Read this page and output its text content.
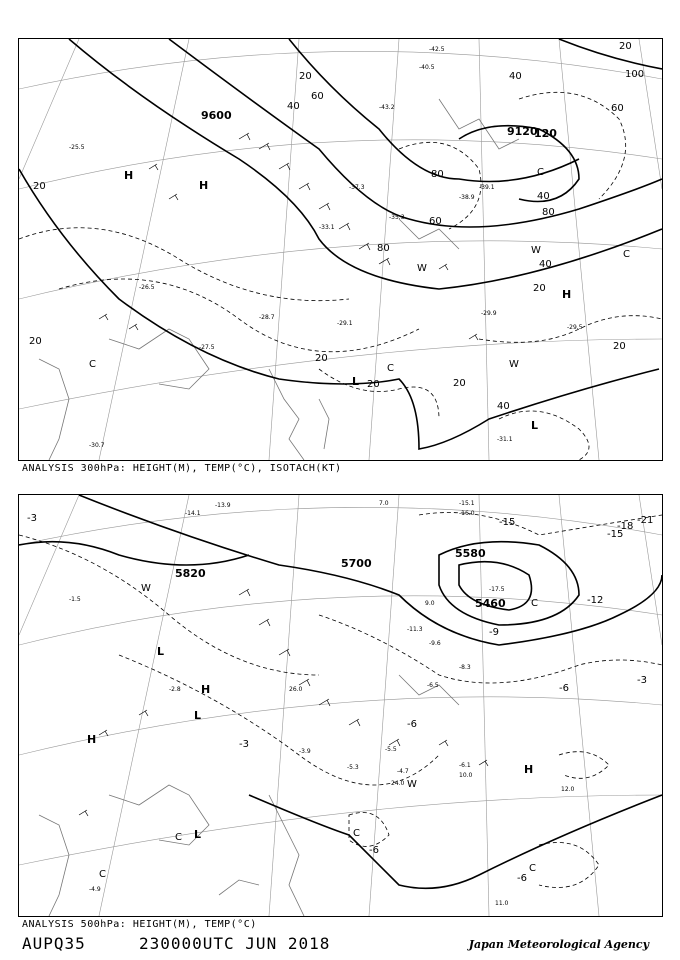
9600
9120
20
20
20
20	20
20
20
20
20
40
40
40
40
40
60
60
60
80
80
80
100
120
-25.5
-26.5
-27.5
-28.7
-29.1
-29.9
-29.5
-30.7
-31.1
-33.1
-35.3
-37.3
-38.9
-39.1
-40.5
-42.5
-43.2
H
H
H
L
L
C	C
C
C
W
W
W
ANALYSIS 300hPa: HEIGHT(M), TEMP(°C), ISOTACH(KT)
5820
5700
5580
5460
-3
-3
-3
-6
-6
-6
-6
-9
-12
-15
-15	-18
-21
-14.1
-13.9	-15.1
-16.0
-17.5
-11.3
-9.6
-8.3
-6.5
-5.3
-4.7
-3.9
-2.8
-1.5
-6.1
-5.5
-4.9
7.0
9.0
12.0
10.0
24.0
26.0
11.0
H
H
H
L
L
L
C
C
C
C
C
W
W
ANALYSIS 500hPa: HEIGHT(M), TEMP(°C)
AUPQ35	230000UTC JUN 2018	Japan Meteorological Agency
